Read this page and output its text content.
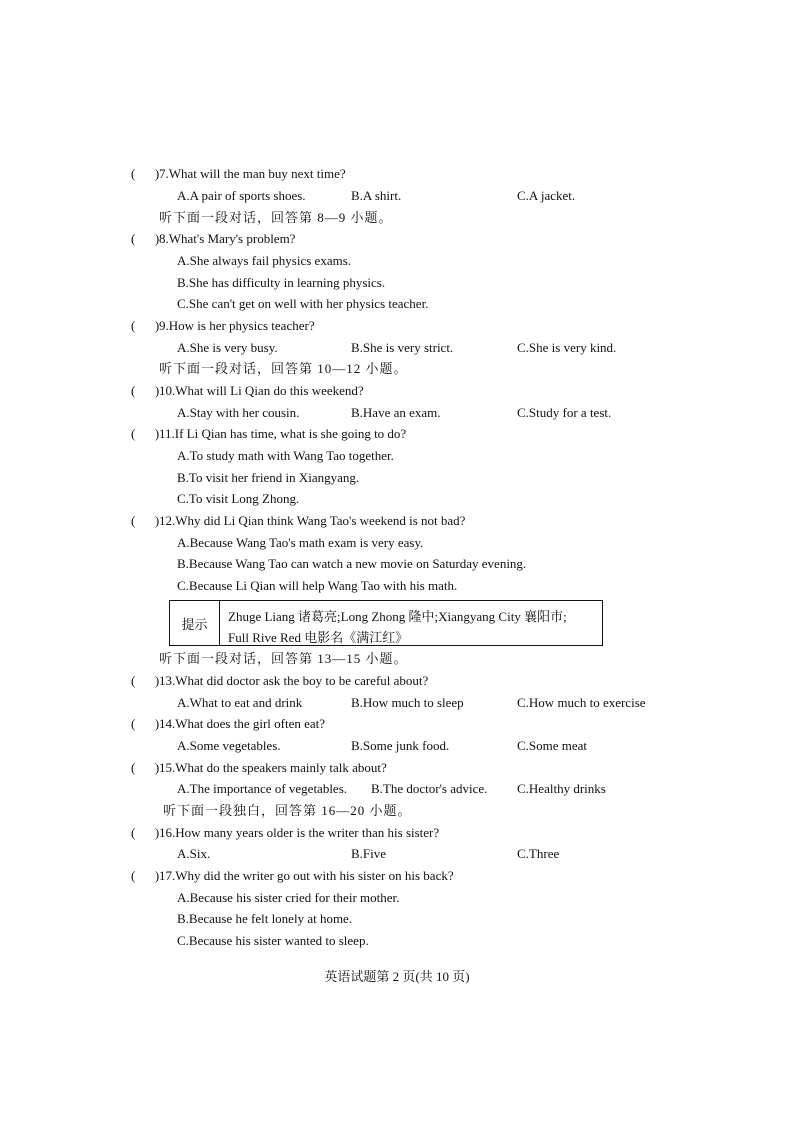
(      ) 7.What will the man buy next time?
A.A pair of sports shoes.	B.A shirt.	C.A jacket.
听下面一段对话，回答第 8—9 小题。
(      ) 8.What's Mary's problem?
A.She always fail physics exams.
B.She has difficulty in learning physics.
C.She can't get on well with her physics teacher.
(      ) 9.How is her physics teacher?
A.She is very busy.	B.She is very strict.	C.She is very kind.
听下面一段对话，回答第 10—12 小题。
(      ) 10.What will Li Qian do this weekend?
A.Stay with her cousin.	B.Have an exam.	C.Study for a test.
(      ) 11.If Li Qian has time, what is she going to do?
A.To study math with Wang Tao together.
B.To visit her friend in Xiangyang.
C.To visit Long Zhong.
(      ) 12.Why did Li Qian think Wang Tao's weekend is not bad?
A.Because Wang Tao's math exam is very easy.
B.Because Wang Tao can watch a new movie on Saturday evening.
C.Because Li Qian will help Wang Tao with his math.
提示	Zhuge Liang 诸葛亮;Long Zhong 隆中;Xiangyang City 襄阳市;
Full Rive Red 电影名《满江红》
听下面一段对话，回答第 13—15 小题。
(      ) 13.What did doctor ask the boy to be careful about?
A.What to eat and drink	B.How much to sleep	C.How much to exercise
(      ) 14.What does the girl often eat?
A.Some vegetables.	B.Some junk food.	C.Some meat
(      ) 15.What do the speakers mainly talk about?
A.The importance of vegetables. B.The doctor's advice. C.Healthy drinks
听下面一段独白，回答第 16—20 小题。
(      ) 16.How many years older is the writer than his sister?
A.Six.	B.Five	C.Three
(      ) 17.Why did the writer go out with his sister on his back?
A.Because his sister cried for their mother.
B.Because he felt lonely at home.
C.Because his sister wanted to sleep.
英语试题第 2 页(共 10 页)
